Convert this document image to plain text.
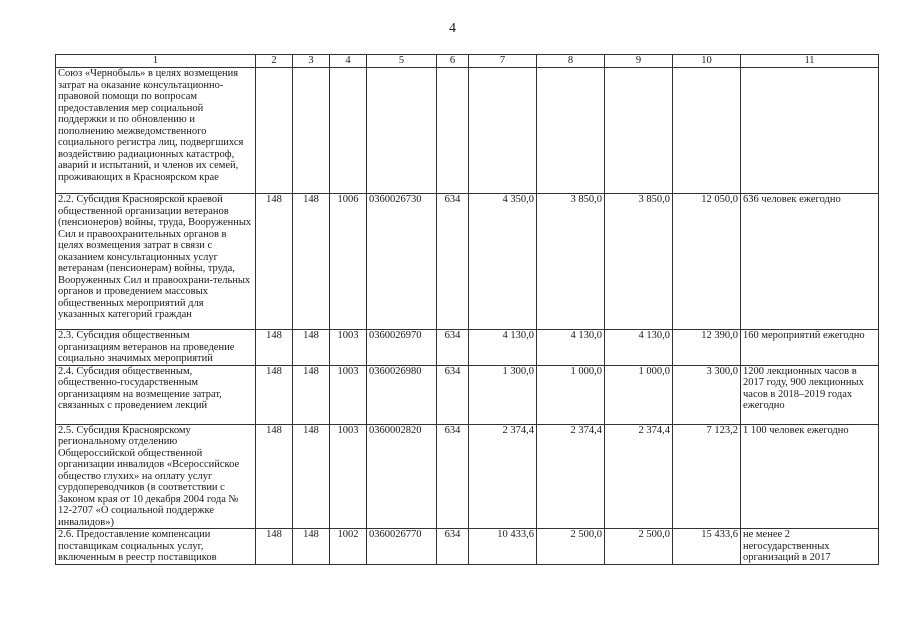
4
1	2	3	4	5	6	7	8	9	10	11
Союз «Чернобыль» в целях возмещения затрат на оказание консультационно-правовой помощи по вопросам предоставления мер социальной поддержки и по обновлению и пополнению межведомственного социального регистра лиц, подвергшихся воздействию радиационных катастроф, аварий и испытаний, и членов их семей, проживающих в Красноярском крае										
2.2. Субсидия Красноярской краевой общественной организации ветеранов (пенсионеров) войны, труда, Вооруженных Сил и правоохранительных органов в целях возмещения затрат в связи с оказанием консультационных услуг ветеранам (пенсионерам) войны, труда, Вооруженных Сил и правоохрани-тельных органов и проведением массовых общественных мероприятий для указанных категорий граждан	148	148	1006	0360026730	634	4 350,0	3 850,0	3 850,0	12 050,0	636 человек ежегодно
2.3. Субсидия общественным организациям ветеранов на проведение социально значимых мероприятий	148	148	1003	0360026970	634	4 130,0	4 130,0	4 130,0	12 390,0	160 мероприятий ежегодно
2.4. Субсидия общественным, общественно-государственным организациям на возмещение затрат, связанных с проведением лекций	148	148	1003	0360026980	634	1 300,0	1 000,0	1 000,0	3 300,0	1200 лекционных часов в 2017 году, 900 лекционных часов в 2018–2019 годах ежегодно
2.5. Субсидия Красноярскому региональному отделению Общероссийской общественной организации инвалидов «Всероссийское общество глухих» на оплату услуг сурдопереводчиков (в соответствии с Законом края от 10 декабря 2004 года № 12-2707 «О социальной поддержке инвалидов»)	148	148	1003	0360002820	634	2 374,4	2 374,4	2 374,4	7 123,2	1 100 человек ежегодно
2.6. Предоставление компенсации поставщикам социальных услуг, включенным в реестр поставщиков	148	148	1002	0360026770	634	10 433,6	2 500,0	2 500,0	15 433,6	не менее 2 негосударственных организаций в 2017
